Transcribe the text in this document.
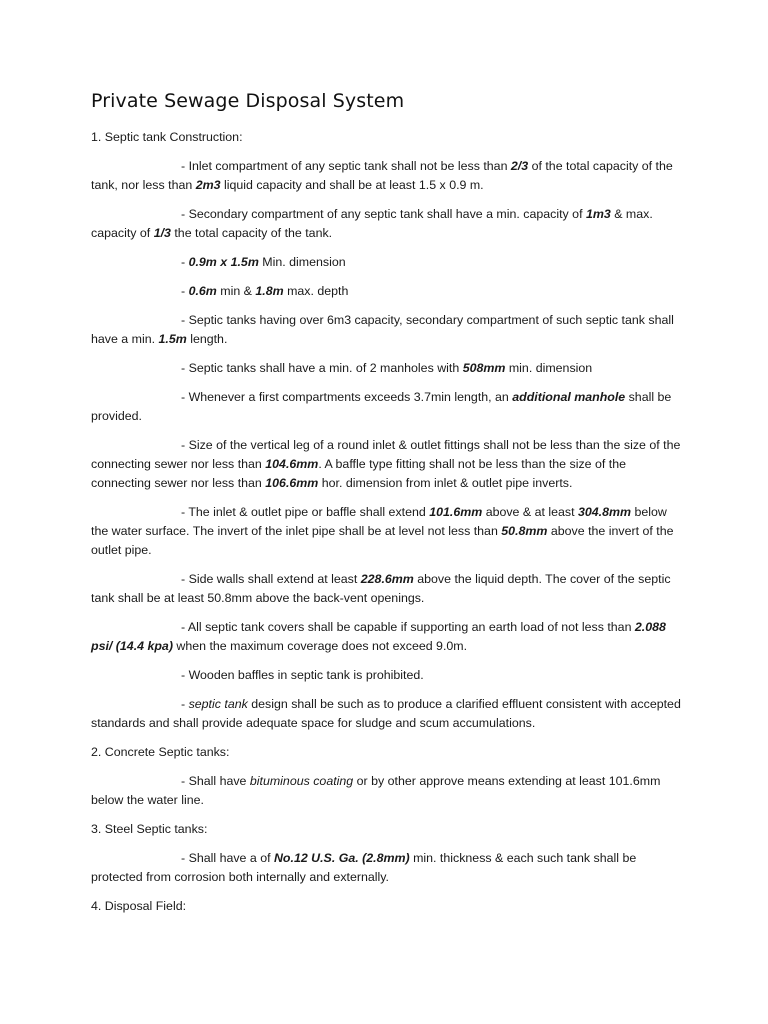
Private Sewage Disposal System

1. Septic tank Construction:

- Inlet compartment of any septic tank shall not be less than 2/3 of the total capacity of the tank, nor less than 2m3 liquid capacity and shall be at least 1.5 x 0.9 m.

- Secondary compartment of any septic tank shall have a min. capacity of 1m3 & max. capacity of 1/3 the total capacity of the tank.

- 0.9m x 1.5m Min. dimension

- 0.6m min & 1.8m max. depth

- Septic tanks having over 6m3 capacity, secondary compartment of such septic tank shall have a min. 1.5m length.

- Septic tanks shall have a min. of 2 manholes with 508mm min. dimension

- Whenever a first compartments exceeds 3.7min length, an additional manhole shall be provided.

- Size of the vertical leg of a round inlet & outlet fittings shall not be less than the size of the connecting sewer nor less than 104.6mm. A baffle type fitting shall not be less than the size of the connecting sewer nor less than 106.6mm hor. dimension from inlet & outlet pipe inverts.

- The inlet & outlet pipe or baffle shall extend 101.6mm above & at least 304.8mm below the water surface. The invert of the inlet pipe shall be at level not less than 50.8mm above the invert of the outlet pipe.

- Side walls shall extend at least 228.6mm above the liquid depth. The cover of the septic tank shall be at least 50.8mm above the back-vent openings.

- All septic tank covers shall be capable if supporting an earth load of not less than 2.088 psi/ (14.4 kpa) when the maximum coverage does not exceed 9.0m.

- Wooden baffles in septic tank is prohibited.

- septic tank design shall be such as to produce a clarified effluent consistent with accepted standards and shall provide adequate space for sludge and scum accumulations.

2. Concrete Septic tanks:

- Shall have bituminous coating or by other approve means extending at least 101.6mm below the water line.

3. Steel Septic tanks:

- Shall have a of No.12 U.S. Ga. (2.8mm) min. thickness & each such tank shall be protected from corrosion both internally and externally.

4. Disposal Field:
